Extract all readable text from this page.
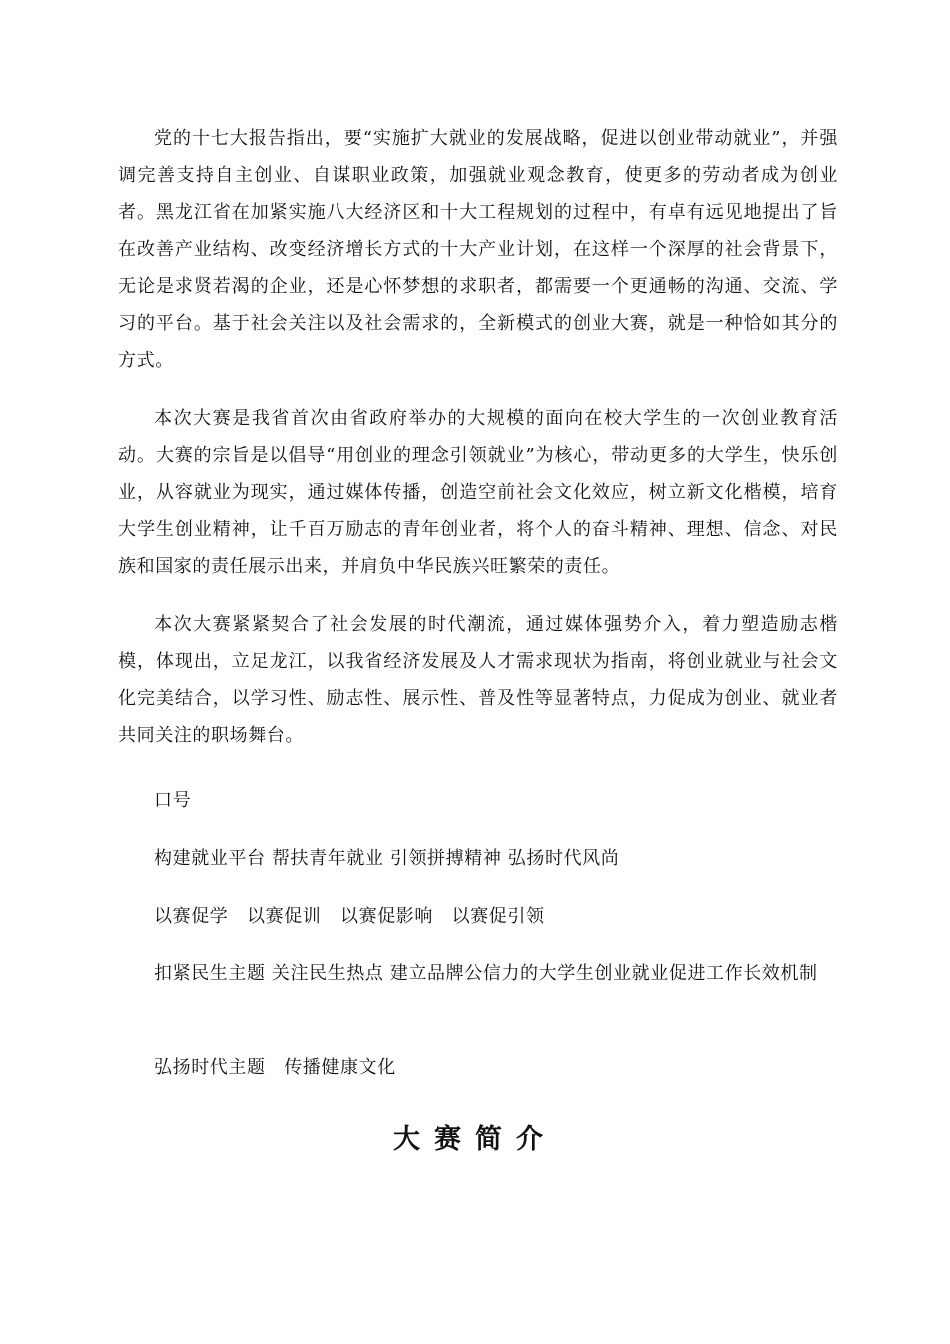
党的十七大报告指出，要“实施扩大就业的发展战略，促进以创业带动就业”，并强调完善支持自主创业、自谋职业政策，加强就业观念教育，使更多的劳动者成为创业者。黑龙江省在加紧实施八大经济区和十大工程规划的过程中，有卓有远见地提出了旨在改善产业结构、改变经济增长方式的十大产业计划，在这样一个深厚的社会背景下，无论是求贤若渴的企业，还是心怀梦想的求职者，都需要一个更通畅的沟通、交流、学习的平台。基于社会关注以及社会需求的，全新模式的创业大赛，就是一种恰如其分的方式。

本次大赛是我省首次由省政府举办的大规模的面向在校大学生的一次创业教育活动。大赛的宗旨是以倡导“用创业的理念引领就业”为核心，带动更多的大学生，快乐创业，从容就业为现实，通过媒体传播，创造空前社会文化效应，树立新文化楷模，培育大学生创业精神，让千百万励志的青年创业者，将个人的奋斗精神、理想、信念、对民族和国家的责任展示出来，并肩负中华民族兴旺繁荣的责任。

本次大赛紧紧契合了社会发展的时代潮流，通过媒体强势介入，着力塑造励志楷模，体现出，立足龙江，以我省经济发展及人才需求现状为指南，将创业就业与社会文化完美结合，以学习性、励志性、展示性、普及性等显著特点，力促成为创业、就业者共同关注的职场舞台。

口号

构建就业平台 帮扶青年就业 引领拼搏精神 弘扬时代风尚

以赛促学　以赛促训　以赛促影响　以赛促引领

扣紧民生主题 关注民生热点 建立品牌公信力的大学生创业就业促进工作长效机制

弘扬时代主题　传播健康文化

大赛简介
